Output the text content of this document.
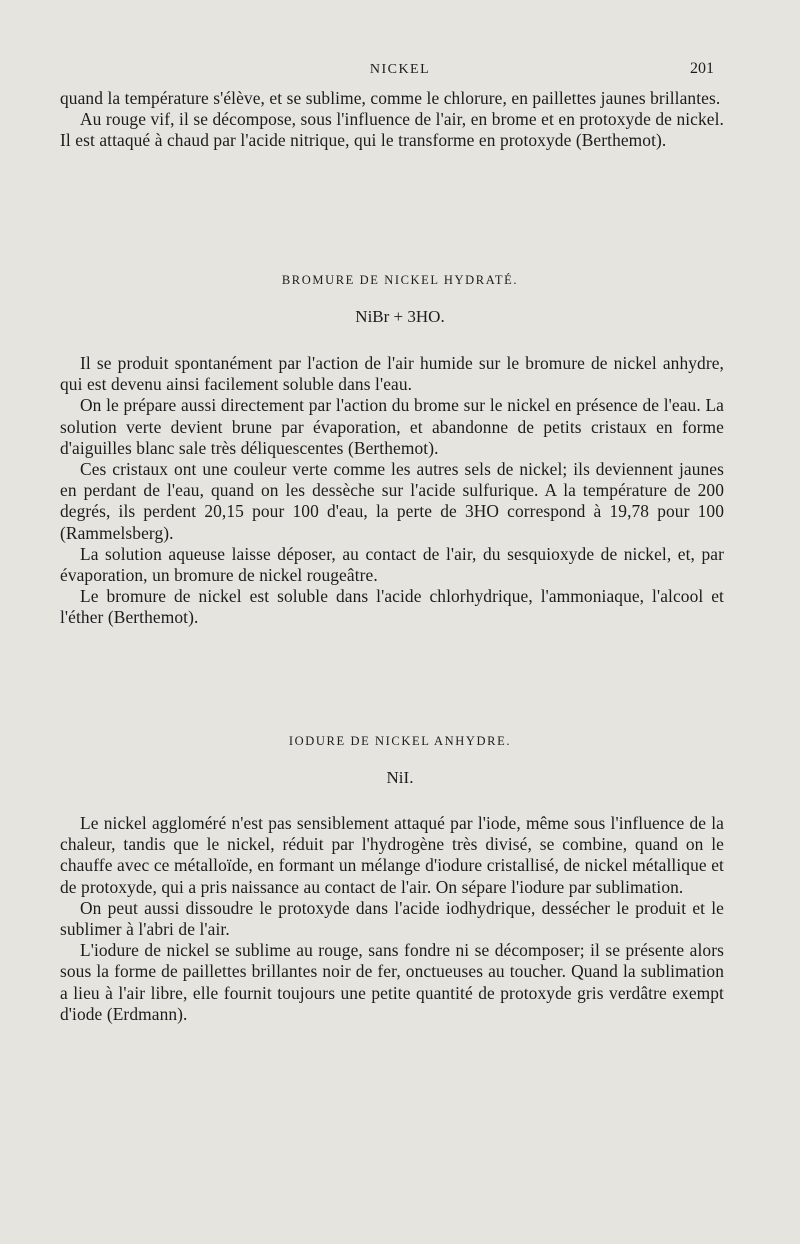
NICKEL	201

quand la température s'élève, et se sublime, comme le chlorure, en paillettes jaunes brillantes.

Au rouge vif, il se décompose, sous l'influence de l'air, en brome et en protoxyde de nickel. Il est attaqué à chaud par l'acide nitrique, qui le transforme en protoxyde (Berthemot).

BROMURE DE NICKEL HYDRATÉ.
NiBr + 3HO.

Il se produit spontanément par l'action de l'air humide sur le bromure de nickel anhydre, qui est devenu ainsi facilement soluble dans l'eau.

On le prépare aussi directement par l'action du brome sur le nickel en présence de l'eau. La solution verte devient brune par évaporation, et abandonne de petits cristaux en forme d'aiguilles blanc sale très déliquescentes (Berthemot).

Ces cristaux ont une couleur verte comme les autres sels de nickel; ils deviennent jaunes en perdant de l'eau, quand on les dessèche sur l'acide sulfurique. A la température de 200 degrés, ils perdent 20,15 pour 100 d'eau, la perte de 3HO correspond à 19,78 pour 100 (Rammelsberg).

La solution aqueuse laisse déposer, au contact de l'air, du sesquioxyde de nickel, et, par évaporation, un bromure de nickel rougeâtre.

Le bromure de nickel est soluble dans l'acide chlorhydrique, l'ammoniaque, l'alcool et l'éther (Berthemot).

IODURE DE NICKEL ANHYDRE.
NiI.

Le nickel aggloméré n'est pas sensiblement attaqué par l'iode, même sous l'influence de la chaleur, tandis que le nickel, réduit par l'hydrogène très divisé, se combine, quand on le chauffe avec ce métalloïde, en formant un mélange d'iodure cristallisé, de nickel métallique et de protoxyde, qui a pris naissance au contact de l'air. On sépare l'iodure par sublimation.

On peut aussi dissoudre le protoxyde dans l'acide iodhydrique, dessécher le produit et le sublimer à l'abri de l'air.

L'iodure de nickel se sublime au rouge, sans fondre ni se décomposer; il se présente alors sous la forme de paillettes brillantes noir de fer, onctueuses au toucher. Quand la sublimation a lieu à l'air libre, elle fournit toujours une petite quantité de protoxyde gris verdâtre exempt d'iode (Erdmann).
